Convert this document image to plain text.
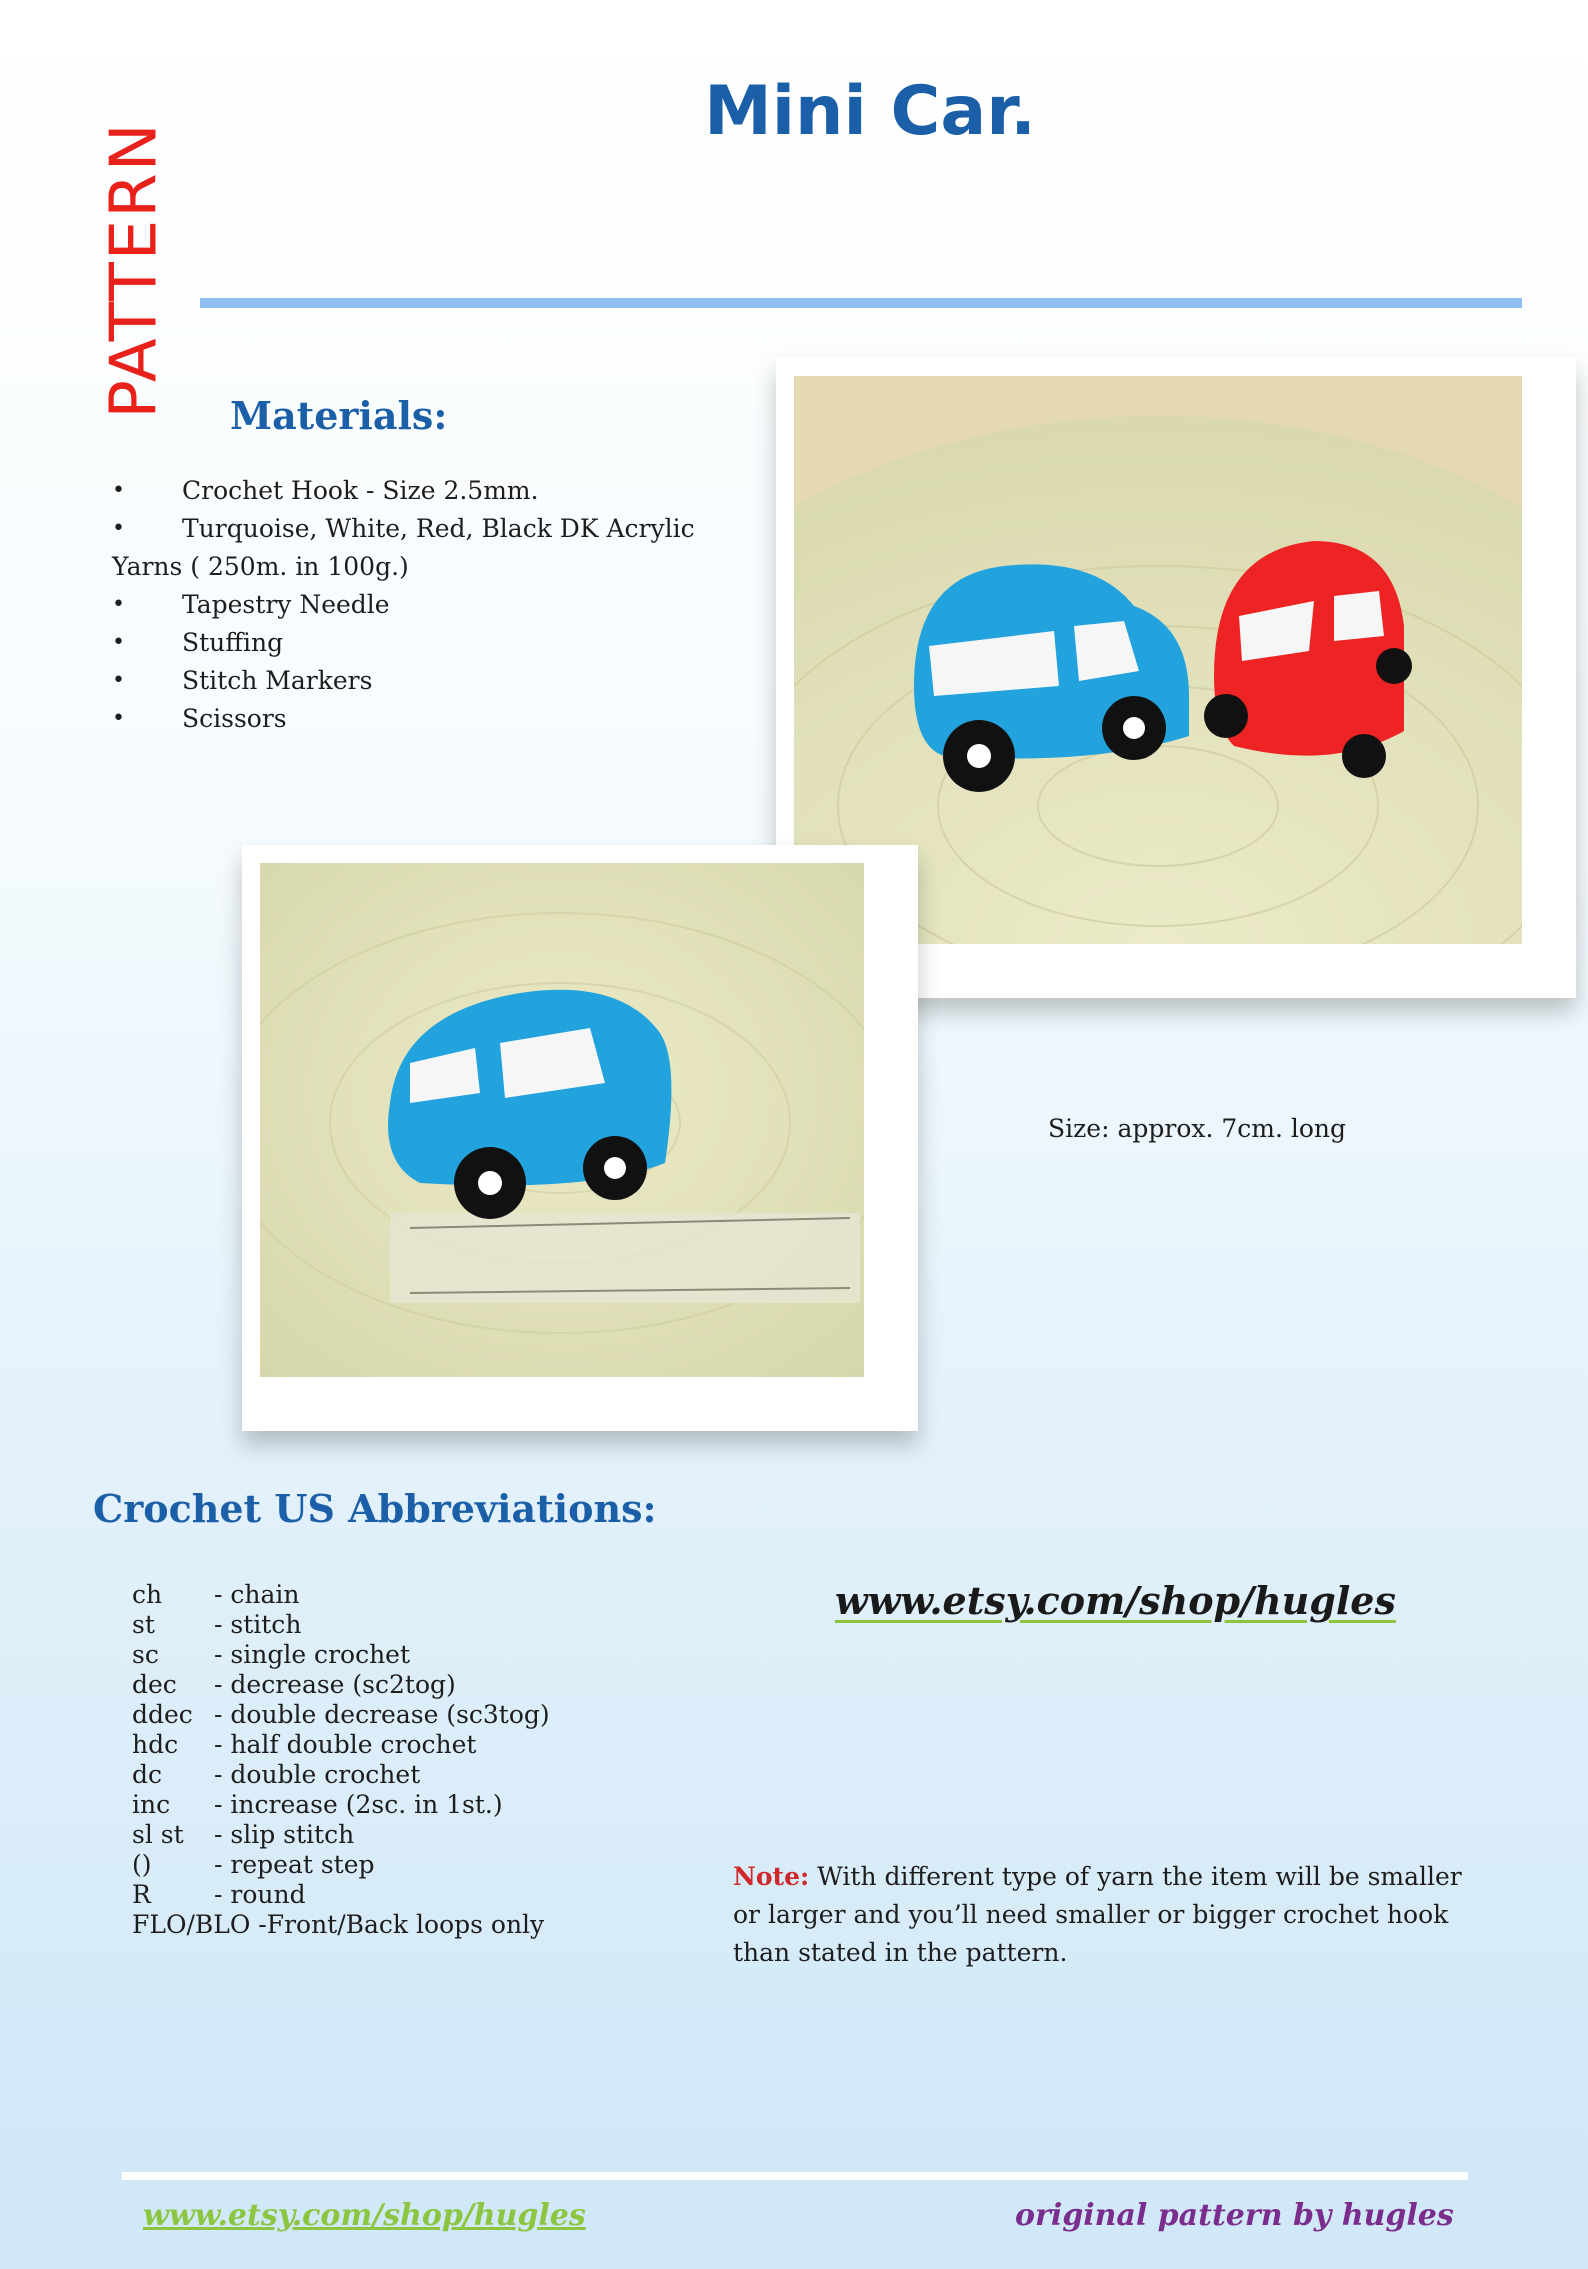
PATTERN
Mini Car.
Materials:
•	Crochet Hook - Size 2.5mm.
•	Turquoise, White, Red, Black DK Acrylic
Yarns ( 250m. in 100g.)
•	Tapestry Needle
•	Stuffing
•	Stitch Markers
•	Scissors
Size: approx. 7cm. long
Crochet US Abbreviations:
ch	- chain
st	- stitch
sc	- single crochet
dec	- decrease (sc2tog)
ddec - double decrease (sc3tog)
hdc	- half double crochet
dc	- double crochet
inc	- increase (2sc. in 1st.)
sl st	- slip stitch
()	- repeat step
R	- round
FLO/BLO -Front/Back loops only
www.etsy.com/shop/hugles
Note: With different type of yarn the item will be smaller or larger and you’ll need smaller or bigger crochet hook than stated in the pattern.
www.etsy.com/shop/hugles	original pattern by hugles
